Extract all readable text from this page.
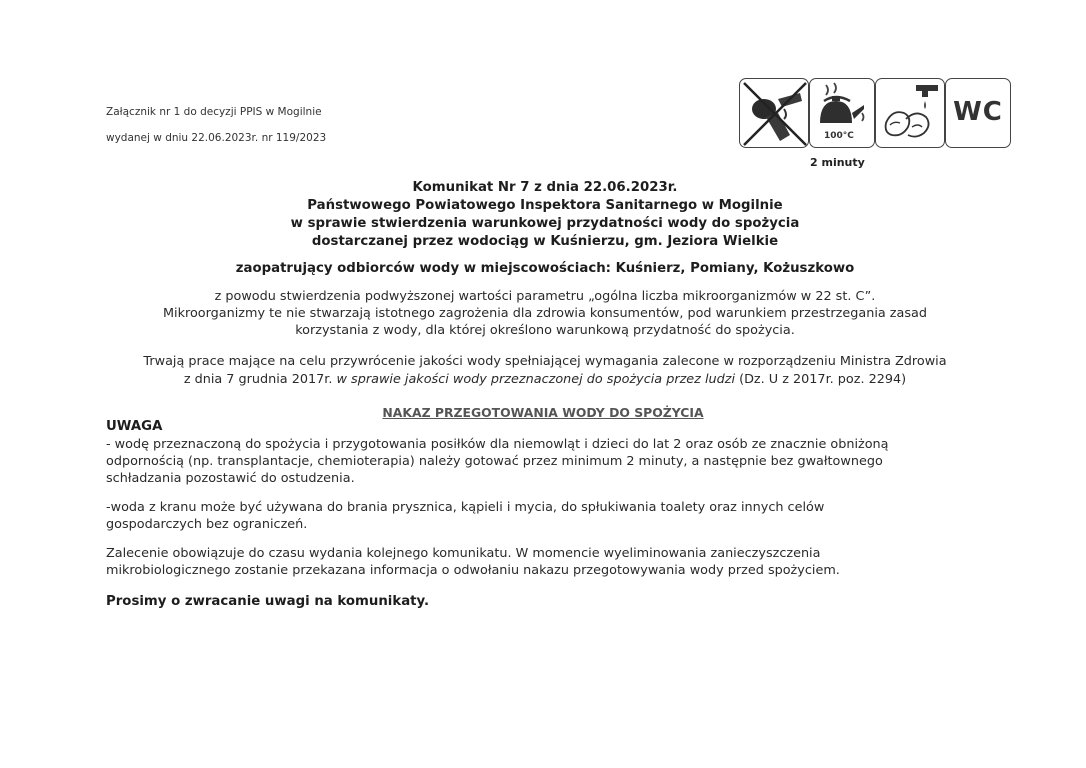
Załącznik nr 1 do decyzji PPIS w Mogilnie
wydanej w dniu 22.06.2023r. nr 119/2023	100°C
WC
2 minuty
Komunikat Nr 7 z dnia 22.06.2023r.
Państwowego Powiatowego Inspektora Sanitarnego w Mogilnie
w sprawie stwierdzenia warunkowej przydatności wody do spożycia
dostarczanej przez wodociąg w Kuśnierzu, gm. Jeziora Wielkie
zaopatrujący odbiorców wody w miejscowościach: Kuśnierz, Pomiany, Kożuszkowo
z powodu stwierdzenia podwyższonej wartości parametru „ogólna liczba mikroorganizmów w 22 st. C”.
Mikroorganizmy te nie stwarzają istotnego zagrożenia dla zdrowia konsumentów, pod warunkiem przestrzegania zasad
korzystania z wody, dla której określono warunkową przydatność do spożycia.
Trwają prace mające na celu przywrócenie jakości wody spełniającej wymagania zalecone w rozporządzeniu Ministra Zdrowia
z dnia 7 grudnia 2017r. w sprawie jakości wody przeznaczonej do spożycia przez ludzi (Dz. U z 2017r. poz. 2294)
NAKAZ PRZEGOTOWANIA WODY DO SPOŻYCIA
UWAGA
- wodę przeznaczoną do spożycia i przygotowania posiłków dla niemowląt i dzieci do lat 2 oraz osób ze znacznie obniżoną
odpornością (np. transplantacje, chemioterapia) należy gotować przez minimum 2 minuty, a następnie bez gwałtownego
schładzania pozostawić do ostudzenia.
-woda z kranu może być używana do brania prysznica, kąpieli i mycia, do spłukiwania toalety oraz innych celów
gospodarczych bez ograniczeń.
Zalecenie obowiązuje do czasu wydania kolejnego komunikatu. W momencie wyeliminowania zanieczyszczenia
mikrobiologicznego zostanie przekazana informacja o odwołaniu nakazu przegotowywania wody przed spożyciem.
Prosimy o zwracanie uwagi na komunikaty.
